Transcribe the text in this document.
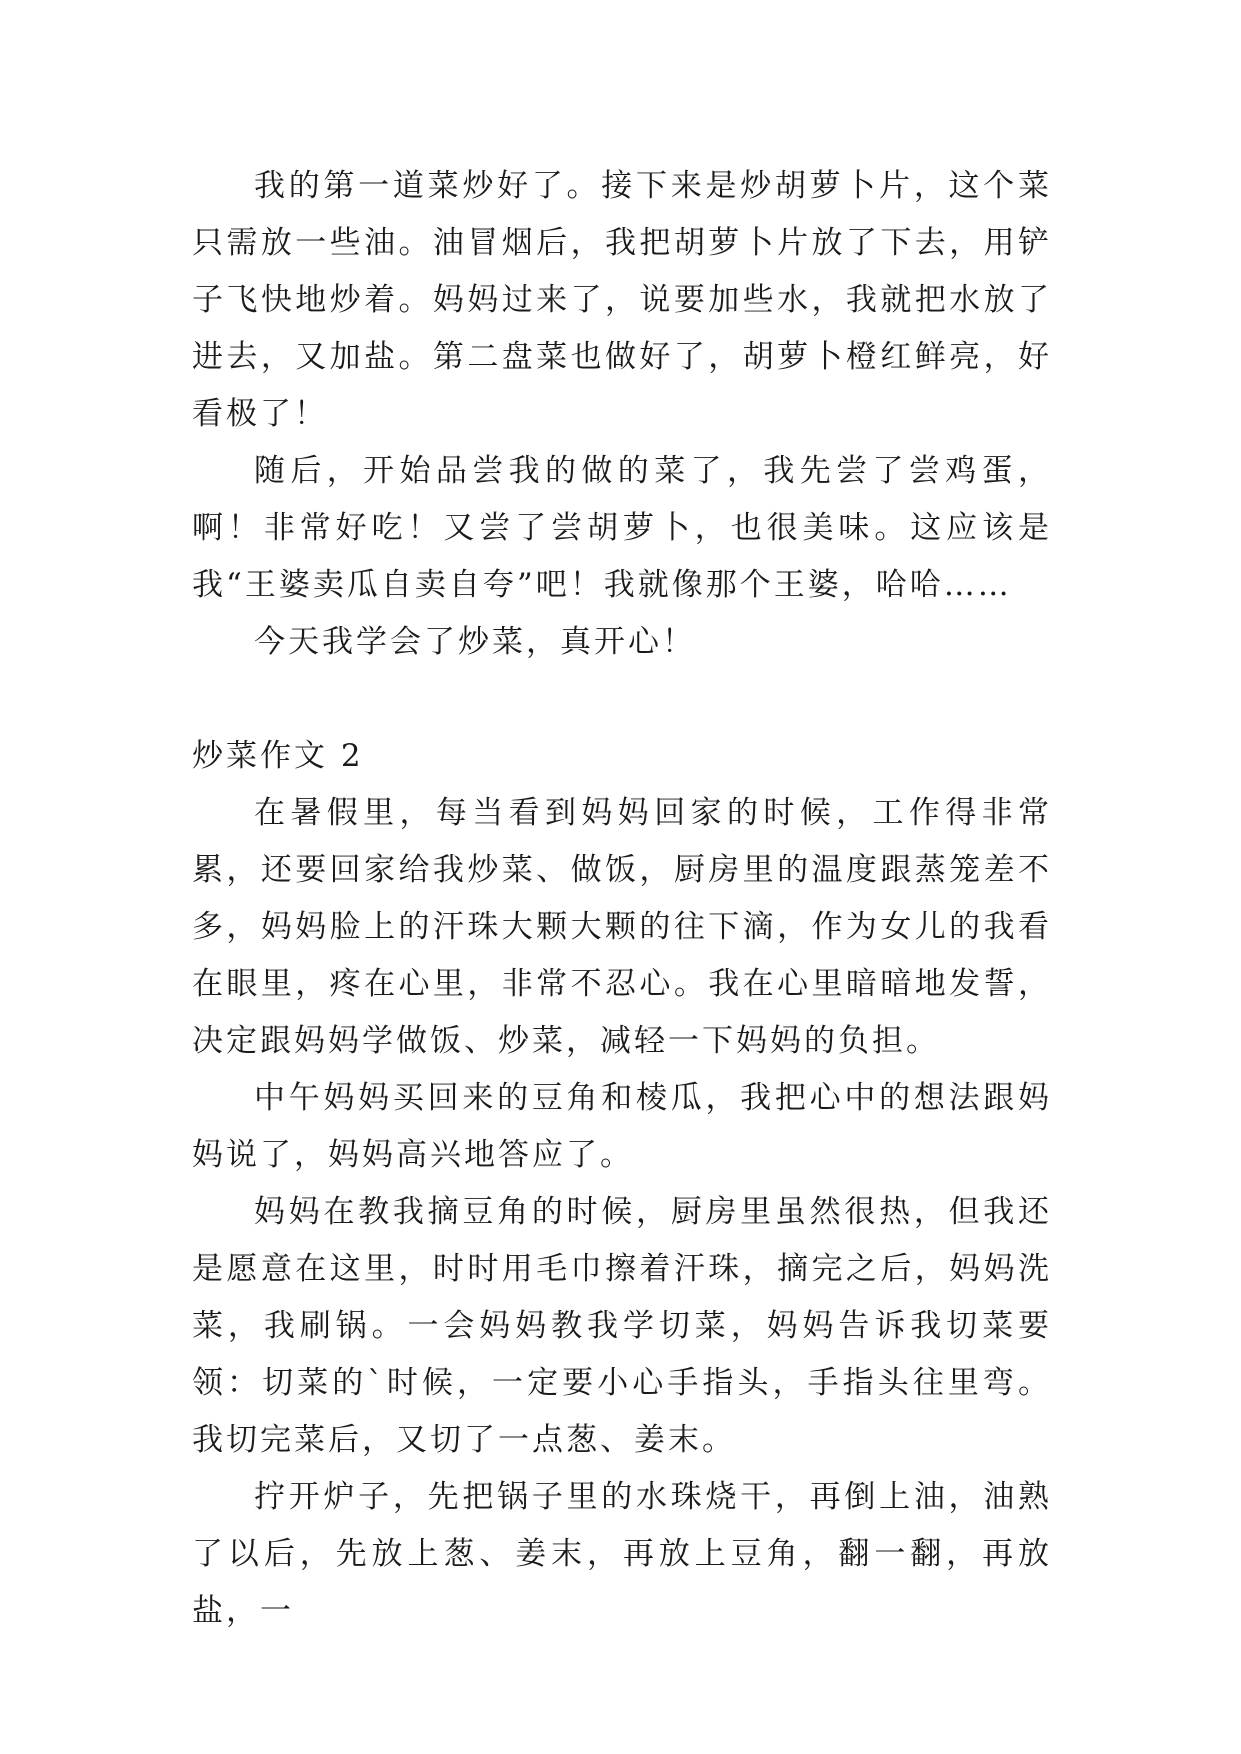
我的第一道菜炒好了。接下来是炒胡萝卜片，这个菜只需放一些油。油冒烟后，我把胡萝卜片放了下去，用铲子飞快地炒着。妈妈过来了，说要加些水，我就把水放了进去，又加盐。第二盘菜也做好了，胡萝卜橙红鲜亮，好看极了！

随后，开始品尝我的做的菜了，我先尝了尝鸡蛋，啊！非常好吃！又尝了尝胡萝卜，也很美味。这应该是我“王婆卖瓜自卖自夸”吧！我就像那个王婆，哈哈……

今天我学会了炒菜，真开心！

炒菜作文 2

在暑假里，每当看到妈妈回家的时候，工作得非常累，还要回家给我炒菜、做饭，厨房里的温度跟蒸笼差不多，妈妈脸上的汗珠大颗大颗的往下滴，作为女儿的我看在眼里，疼在心里，非常不忍心。我在心里暗暗地发誓，决定跟妈妈学做饭、炒菜，减轻一下妈妈的负担。

中午妈妈买回来的豆角和棱瓜，我把心中的想法跟妈妈说了，妈妈高兴地答应了。

妈妈在教我摘豆角的时候，厨房里虽然很热，但我还是愿意在这里，时时用毛巾擦着汗珠，摘完之后，妈妈洗菜，我刷锅。一会妈妈教我学切菜，妈妈告诉我切菜要领：切菜的`时候，一定要小心手指头，手指头往里弯。我切完菜后，又切了一点葱、姜末。

拧开炉子，先把锅子里的水珠烧干，再倒上油，油熟了以后，先放上葱、姜末，再放上豆角，翻一翻，再放盐，一
